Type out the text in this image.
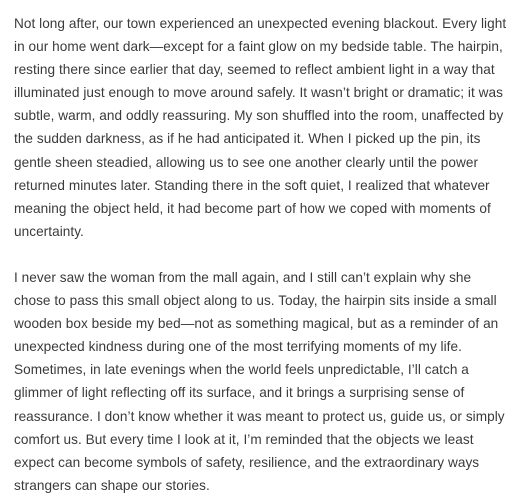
Not long after, our town experienced an unexpected evening blackout. Every light in our home went dark—except for a faint glow on my bedside table. The hairpin, resting there since earlier that day, seemed to reflect ambient light in a way that illuminated just enough to move around safely. It wasn’t bright or dramatic; it was subtle, warm, and oddly reassuring. My son shuffled into the room, unaffected by the sudden darkness, as if he had anticipated it. When I picked up the pin, its gentle sheen steadied, allowing us to see one another clearly until the power returned minutes later. Standing there in the soft quiet, I realized that whatever meaning the object held, it had become part of how we coped with moments of uncertainty.

I never saw the woman from the mall again, and I still can’t explain why she chose to pass this small object along to us. Today, the hairpin sits inside a small wooden box beside my bed—not as something magical, but as a reminder of an unexpected kindness during one of the most terrifying moments of my life. Sometimes, in late evenings when the world feels unpredictable, I’ll catch a glimmer of light reflecting off its surface, and it brings a surprising sense of reassurance. I don’t know whether it was meant to protect us, guide us, or simply comfort us. But every time I look at it, I’m reminded that the objects we least expect can become symbols of safety, resilience, and the extraordinary ways strangers can shape our stories.
